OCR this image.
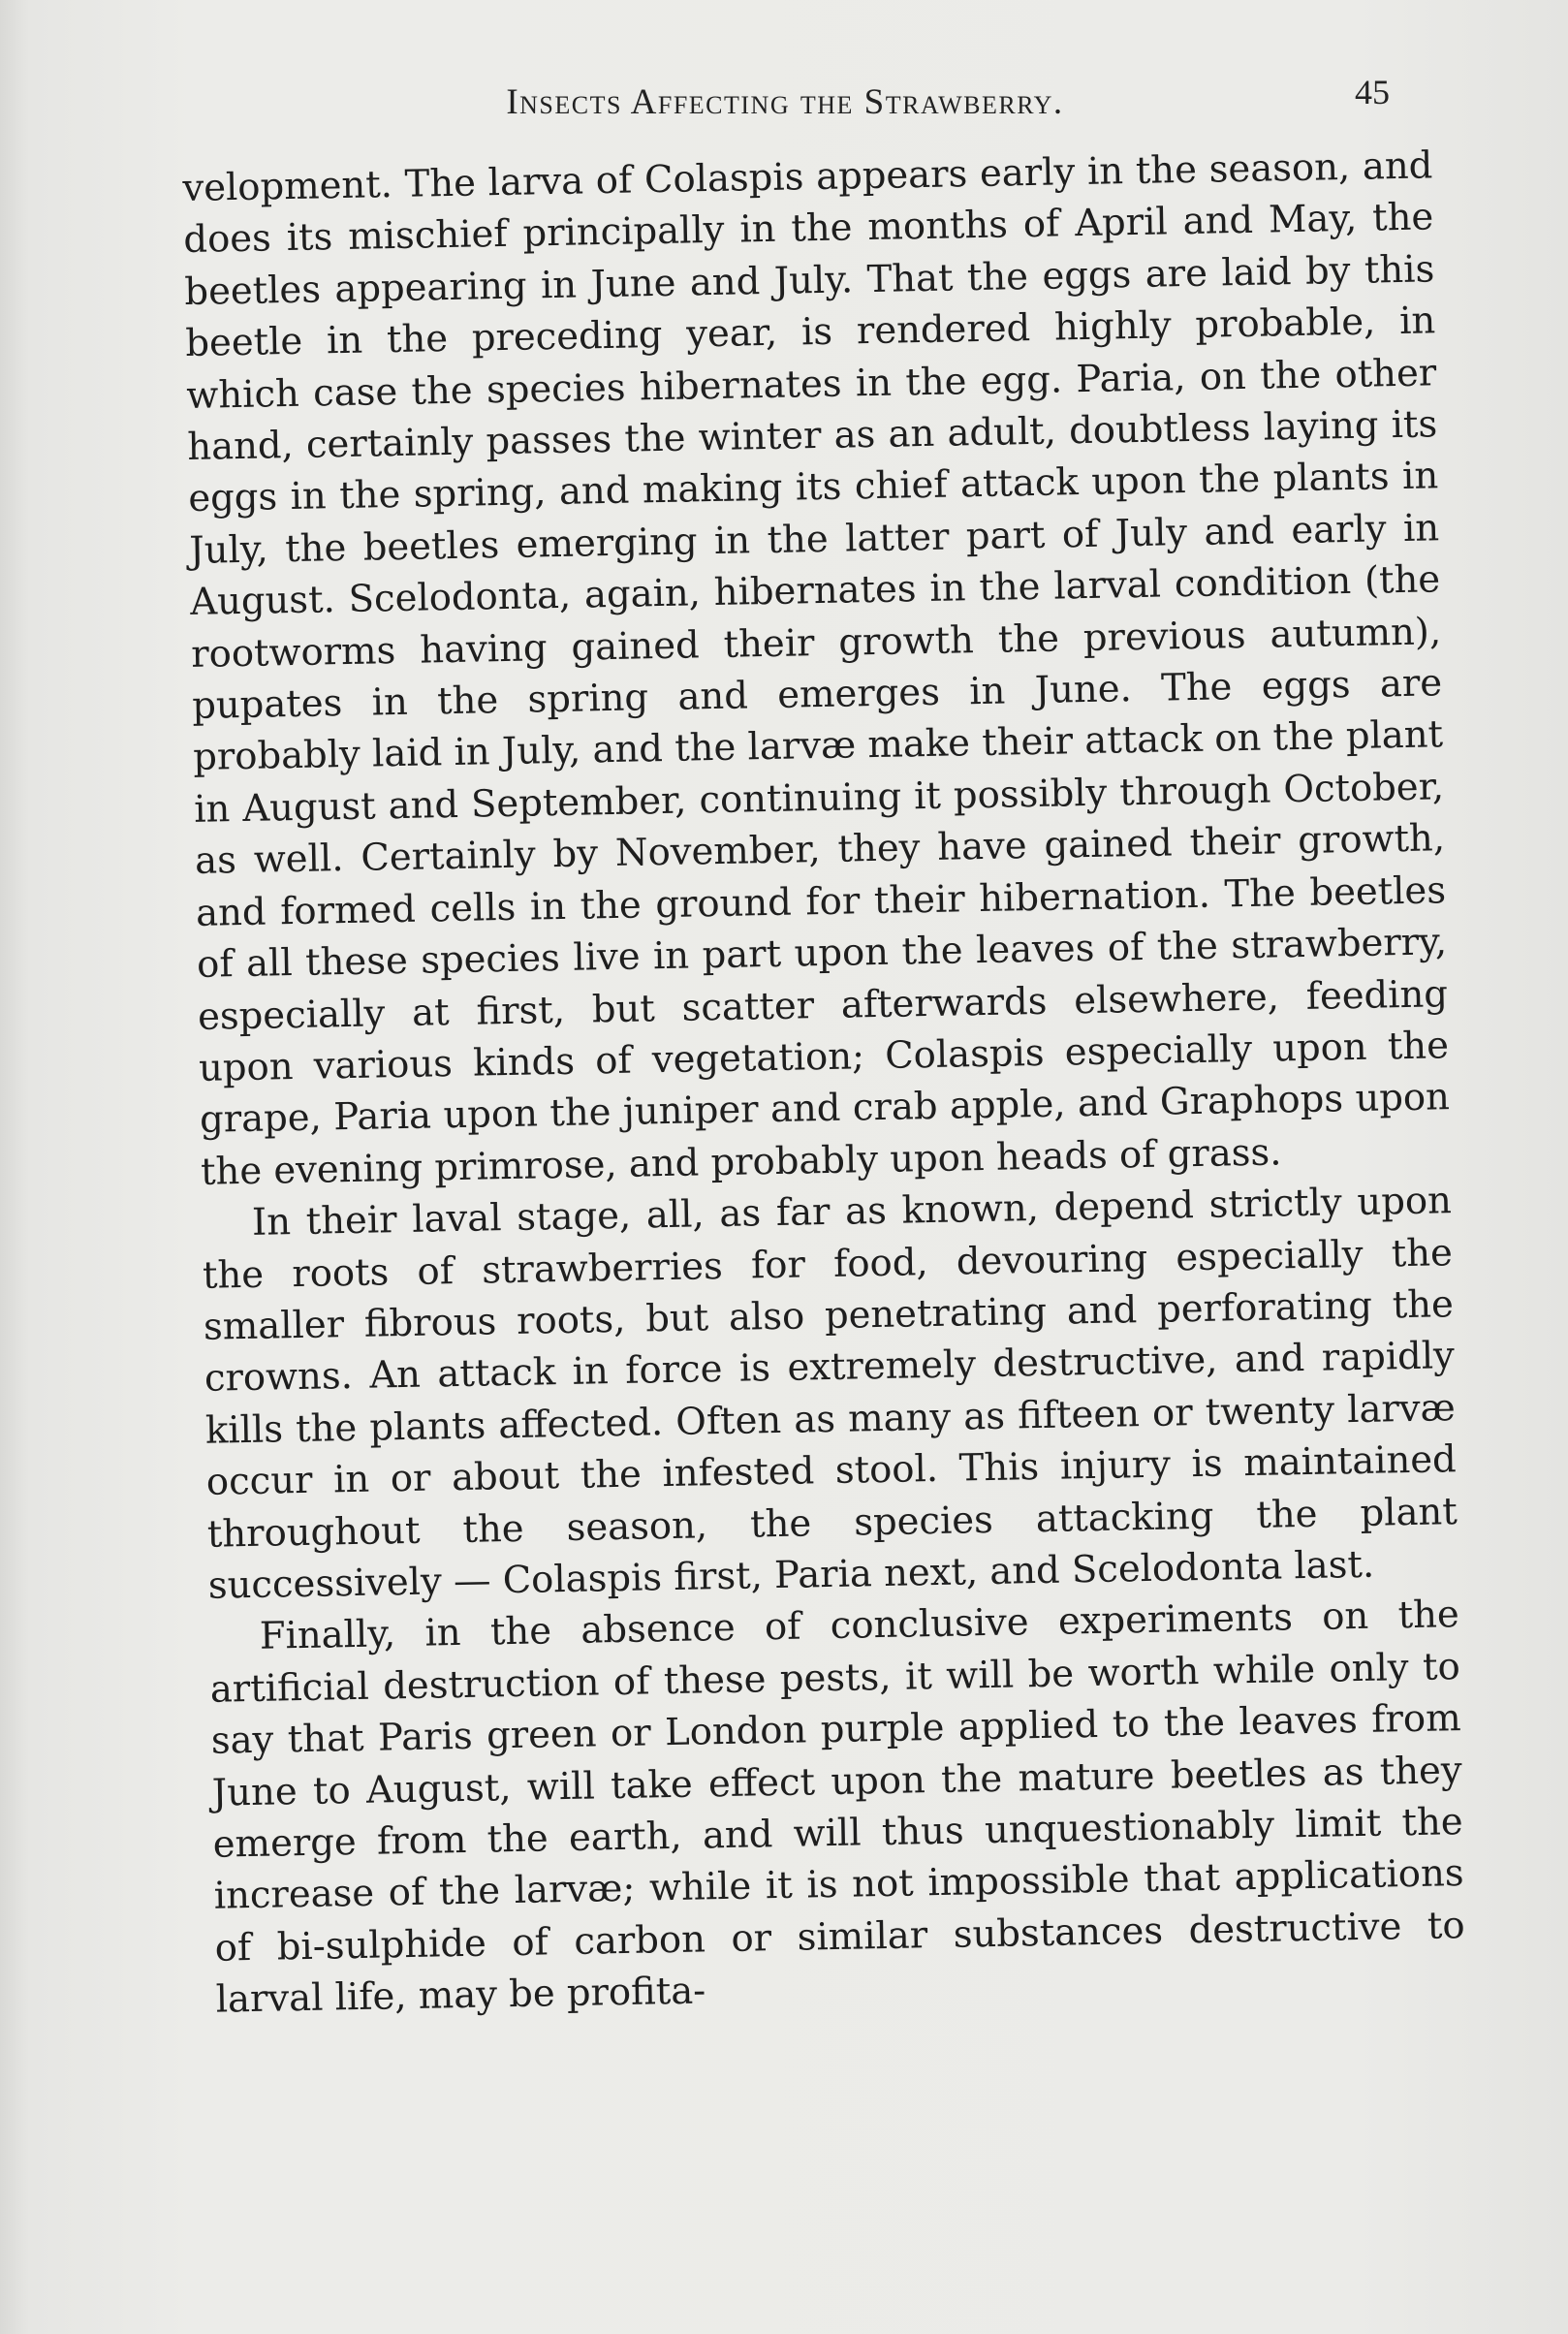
Insects Affecting the Strawberry.	45

velopment. The larva of Colaspis appears early in the season, and does its mischief principally in the months of April and May, the beetles appearing in June and July. That the eggs are laid by this beetle in the preceding year, is rendered highly probable, in which case the species hibernates in the egg. Paria, on the other hand, certainly passes the winter as an adult, doubtless laying its eggs in the spring, and making its chief attack upon the plants in July, the beetles emerging in the latter part of July and early in August. Scelodonta, again, hibernates in the larval condition (the rootworms having gained their growth the previous autumn), pupates in the spring and emerges in June. The eggs are probably laid in July, and the larvæ make their attack on the plant in August and September, continuing it possibly through October, as well. Certainly by November, they have gained their growth, and formed cells in the ground for their hibernation. The beetles of all these species live in part upon the leaves of the strawberry, especially at first, but scatter afterwards elsewhere, feeding upon various kinds of vegetation; Colaspis especially upon the grape, Paria upon the juniper and crab apple, and Graphops upon the evening primrose, and probably upon heads of grass.

In their laval stage, all, as far as known, depend strictly upon the roots of strawberries for food, devouring especially the smaller fibrous roots, but also penetrating and perforating the crowns. An attack in force is extremely destructive, and rapidly kills the plants affected. Often as many as fifteen or twenty larvæ occur in or about the infested stool. This injury is maintained throughout the season, the species attacking the plant successively — Colaspis first, Paria next, and Scelodonta last.

Finally, in the absence of conclusive experiments on the artificial destruction of these pests, it will be worth while only to say that Paris green or London purple applied to the leaves from June to August, will take effect upon the mature beetles as they emerge from the earth, and will thus unquestionably limit the increase of the larvæ; while it is not impossible that applications of bi-sulphide of carbon or similar substances destructive to larval life, may be profita-
